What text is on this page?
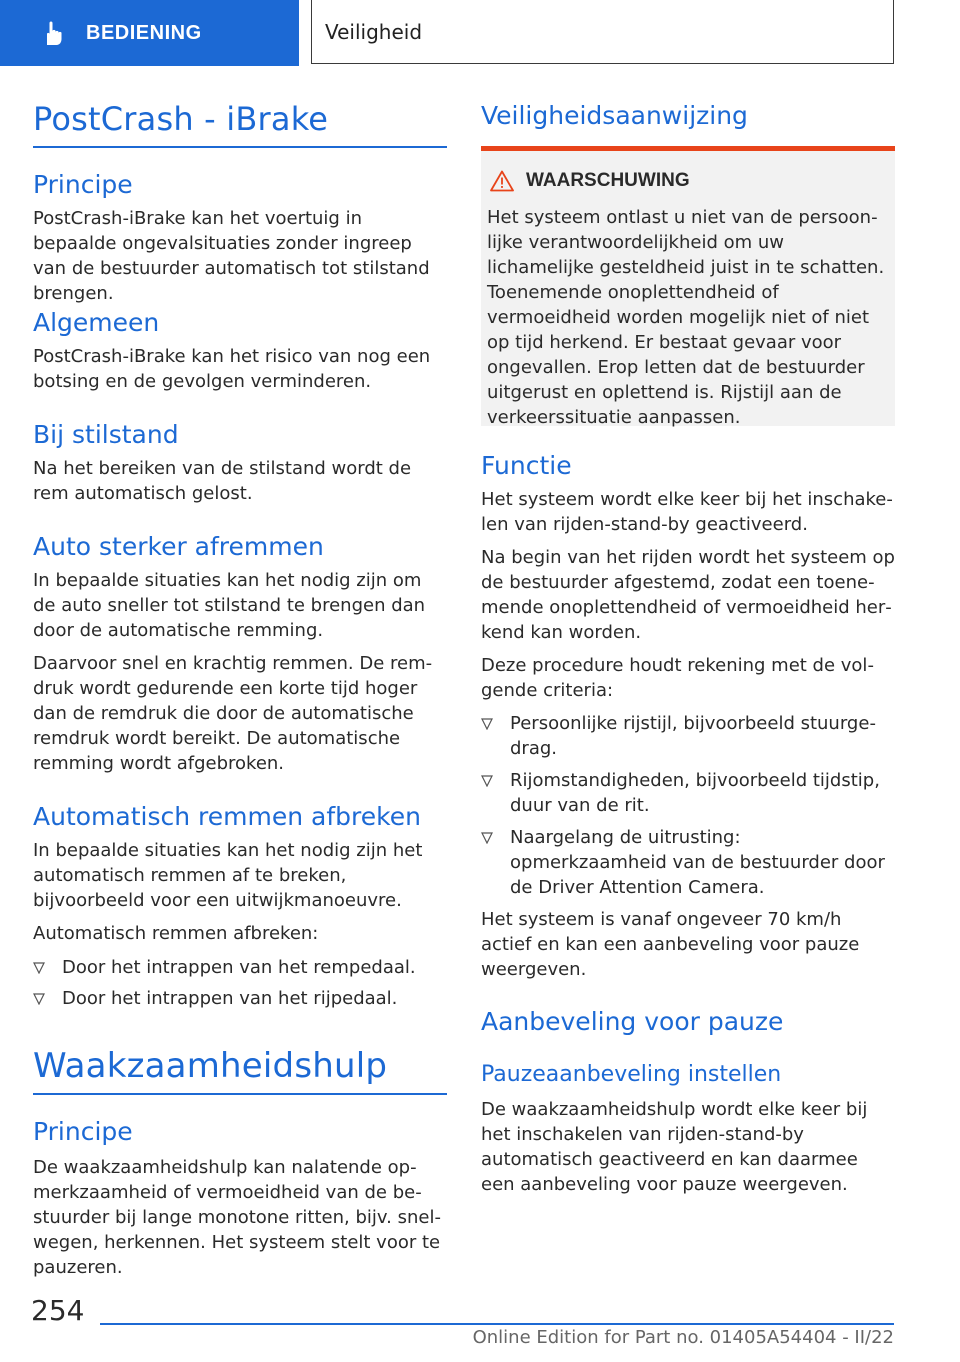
BEDIENING	Veiligheid
PostCrash - iBrake
Principe

PostCrash-iBrake kan het voertuig in bepaalde ongevalsituaties zonder ingreep van de bestuurder automatisch tot stilstand brengen.

Algemeen

PostCrash-iBrake kan het risico van nog een botsing en de gevolgen verminderen.

Bij stilstand

Na het bereiken van de stilstand wordt de rem automatisch gelost.

Auto sterker afremmen

In bepaalde situaties kan het nodig zijn om de auto sneller tot stilstand te brengen dan door de automatische remming.

Daarvoor snel en krachtig remmen. De remdruk wordt gedurende een korte tijd hoger dan de remdruk die door de automatische remdruk wordt bereikt. De automatische remming wordt afgebroken.

Automatisch remmen afbreken

In bepaalde situaties kan het nodig zijn het automatisch remmen af te breken, bijvoorbeeld voor een uitwijkmanoeuvre.

Automatisch remmen afbreken:

Door het intrappen van het rempedaal.
Door het intrappen van het rijpedaal.
Waakzaamheidshulp
Principe

De waakzaamheidshulp kan nalatende opmerkzaamheid of vermoeidheid van de bestuurder bij lange monotone ritten, bijv. snelwegen, herkennen. Het systeem stelt voor te pauzeren.

Veiligheidsaanwijzing
WAARSCHUWING

Het systeem ontlast u niet van de persoonlijke verantwoordelijkheid om uw lichamelijke gesteldheid juist in te schatten. Toenemende onoplettendheid of vermoeidheid worden mogelijk niet of niet op tijd herkend. Er bestaat gevaar voor ongevallen. Erop letten dat de bestuurder uitgerust en oplettend is. Rijstijl aan de verkeerssituatie aanpassen.

Functie

Het systeem wordt elke keer bij het inschakelen van rijden-stand-by geactiveerd.

Na begin van het rijden wordt het systeem op de bestuurder afgestemd, zodat een toenemende onoplettendheid of vermoeidheid herkend kan worden.

Deze procedure houdt rekening met de volgende criteria:

Persoonlijke rijstijl, bijvoorbeeld stuurgedrag.
Rijomstandigheden, bijvoorbeeld tijdstip, duur van de rit.
Naargelang de uitrusting: opmerkzaamheid van de bestuurder door de Driver Attention Camera.

Het systeem is vanaf ongeveer 70 km/h actief en kan een aanbeveling voor pauze weergeven.

Aanbeveling voor pauze
Pauzeaanbeveling instellen

De waakzaamheidshulp wordt elke keer bij het inschakelen van rijden-stand-by automatisch geactiveerd en kan daarmee een aanbeveling voor pauze weergeven.

254
Online Edition for Part no. 01405A54404 - II/22
